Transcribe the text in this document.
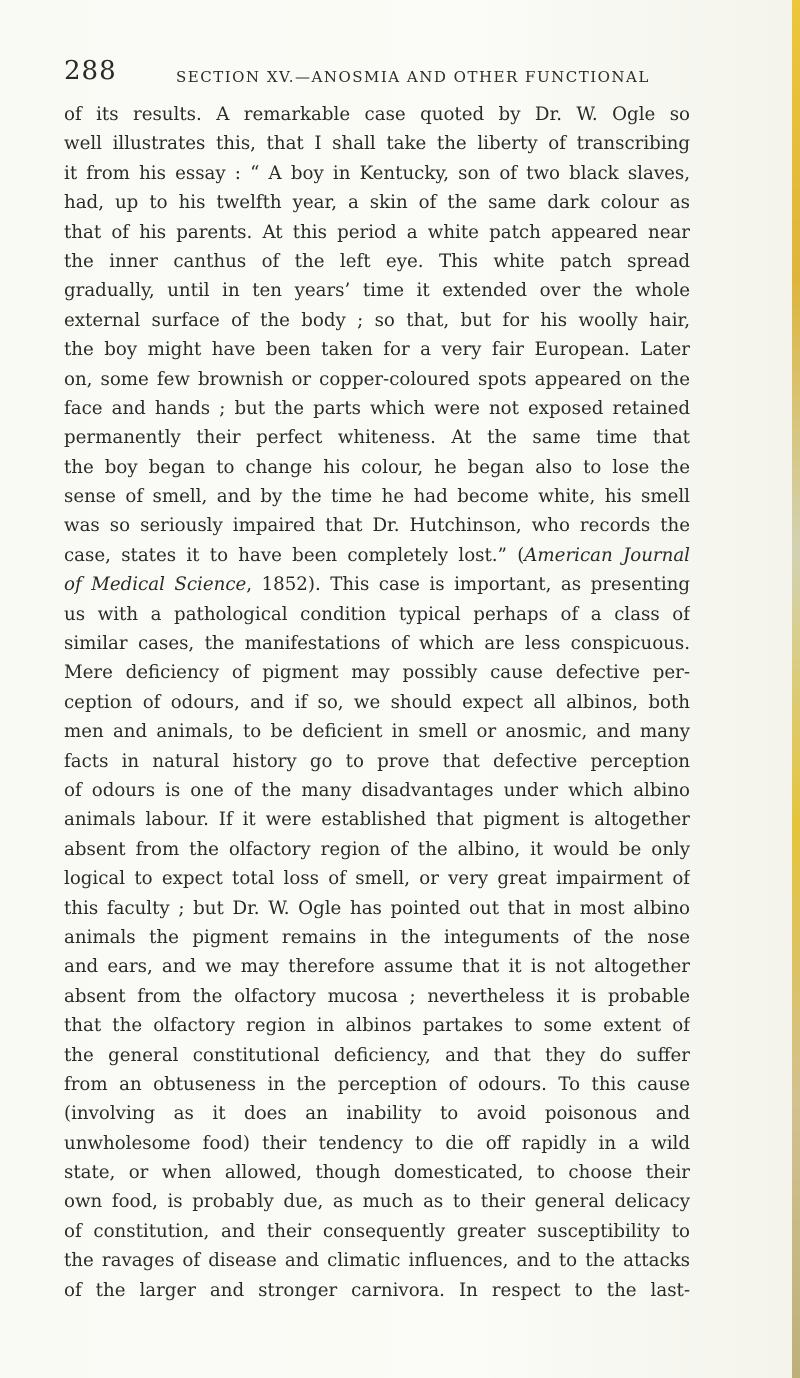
288	SECTION XV.—ANOSMIA AND OTHER FUNCTIONAL
of its results. A remarkable case quoted by Dr. W. Ogle so
well illustrates this, that I shall take the liberty of transcribing
it from his essay : “ A boy in Kentucky, son of two black slaves,
had, up to his twelfth year, a skin of the same dark colour as
that of his parents. At this period a white patch appeared near
the inner canthus of the left eye. This white patch spread
gradually, until in ten years’ time it extended over the whole
external surface of the body ; so that, but for his woolly hair,
the boy might have been taken for a very fair European. Later
on, some few brownish or copper-coloured spots appeared on the
face and hands ; but the parts which were not exposed retained
permanently their perfect whiteness. At the same time that
the boy began to change his colour, he began also to lose the
sense of smell, and by the time he had become white, his smell
was so seriously impaired that Dr. Hutchinson, who records the
case, states it to have been completely lost.” (American Journal
of Medical Science, 1852). This case is important, as presenting
us with a pathological condition typical perhaps of a class of
similar cases, the manifestations of which are less conspicuous.
Mere deficiency of pigment may possibly cause defective per-
ception of odours, and if so, we should expect all albinos, both
men and animals, to be deficient in smell or anosmic, and many
facts in natural history go to prove that defective perception
of odours is one of the many disadvantages under which albino
animals labour. If it were established that pigment is altogether
absent from the olfactory region of the albino, it would be only
logical to expect total loss of smell, or very great impairment of
this faculty ; but Dr. W. Ogle has pointed out that in most albino
animals the pigment remains in the integuments of the nose
and ears, and we may therefore assume that it is not altogether
absent from the olfactory mucosa ; nevertheless it is probable
that the olfactory region in albinos partakes to some extent of
the general constitutional deficiency, and that they do suffer
from an obtuseness in the perception of odours. To this cause
(involving as it does an inability to avoid poisonous and
unwholesome food) their tendency to die off rapidly in a wild
state, or when allowed, though domesticated, to choose their
own food, is probably due, as much as to their general delicacy
of constitution, and their consequently greater susceptibility to
the ravages of disease and climatic influences, and to the attacks
of the larger and stronger carnivora. In respect to the last-
